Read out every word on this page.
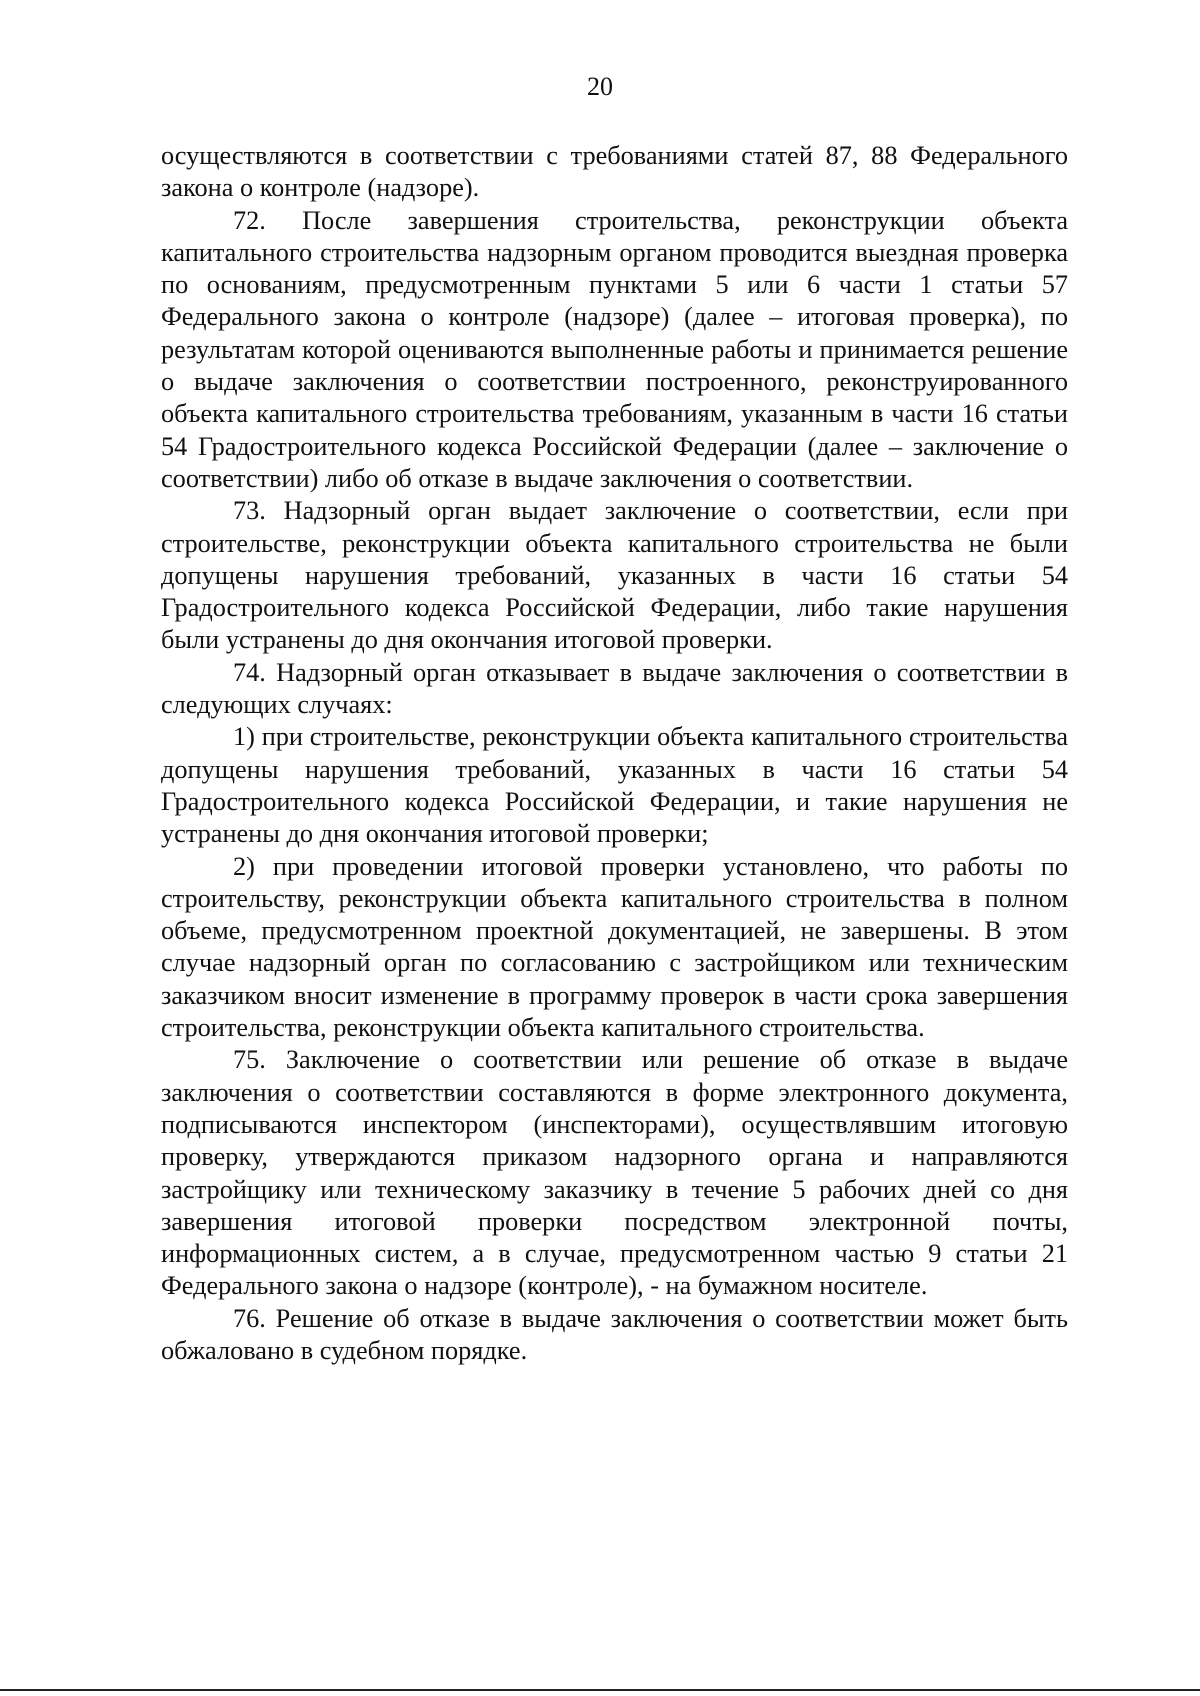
20

осуществляются в соответствии с требованиями статей 87, 88 Федерального закона о контроле (надзоре).

72. После завершения строительства, реконструкции объекта капитального строительства надзорным органом проводится выездная проверка по основаниям, предусмотренным пунктами 5 или 6 части 1 статьи 57 Федерального закона о контроле (надзоре) (далее – итоговая проверка), по результатам которой оцениваются выполненные работы и принимается решение о выдаче заключения о соответствии построенного, реконструированного объекта капитального строительства требованиям, указанным в части 16 статьи 54 Градостроительного кодекса Российской Федерации (далее – заключение о соответствии) либо об отказе в выдаче заключения о соответствии.

73. Надзорный орган выдает заключение о соответствии, если при строительстве, реконструкции объекта капитального строительства не были допущены нарушения требований, указанных в части 16 статьи 54 Градостроительного кодекса Российской Федерации, либо такие нарушения были устранены до дня окончания итоговой проверки.

74. Надзорный орган отказывает в выдаче заключения о соответствии в следующих случаях:

1) при строительстве, реконструкции объекта капитального строительства допущены нарушения требований, указанных в части 16 статьи 54 Градостроительного кодекса Российской Федерации, и такие нарушения не устранены до дня окончания итоговой проверки;

2) при проведении итоговой проверки установлено, что работы по строительству, реконструкции объекта капитального строительства в полном объеме, предусмотренном проектной документацией, не завершены. В этом случае надзорный орган по согласованию с застройщиком или техническим заказчиком вносит изменение в программу проверок в части срока завершения строительства, реконструкции объекта капитального строительства.

75. Заключение о соответствии или решение об отказе в выдаче заключения о соответствии составляются в форме электронного документа, подписываются инспектором (инспекторами), осуществлявшим итоговую проверку, утверждаются приказом надзорного органа и направляются застройщику или техническому заказчику в течение 5 рабочих дней со дня завершения итоговой проверки посредством электронной почты, информационных систем, а в случае, предусмотренном частью 9 статьи 21 Федерального закона о надзоре (контроле), - на бумажном носителе.

76. Решение об отказе в выдаче заключения о соответствии может быть обжаловано в судебном порядке.
